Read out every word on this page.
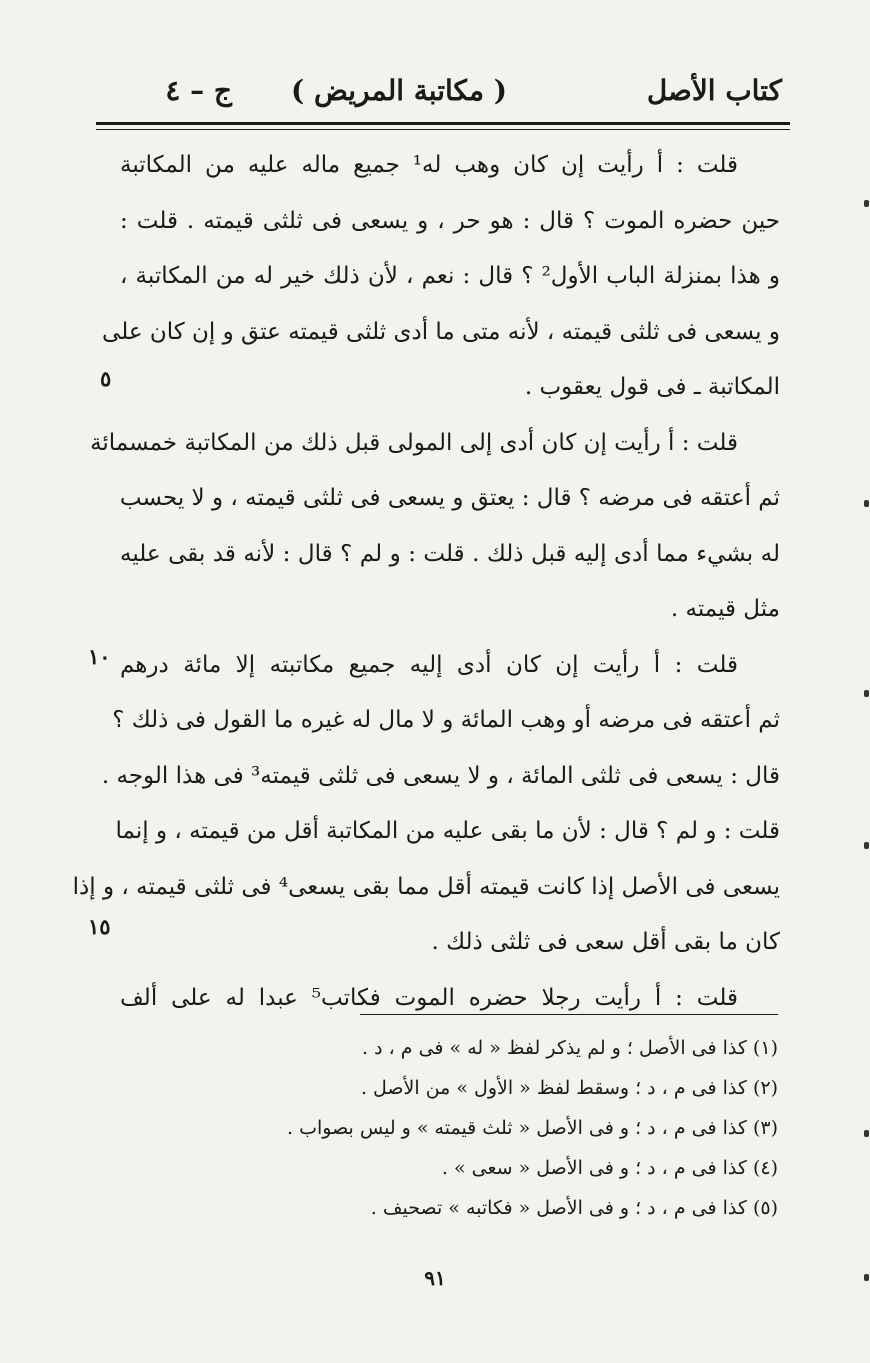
كتاب الأصل
( مكاتبة المريض )
ج – ٤
قلت : أ رأيت إن كان وهب له¹ جميع ماله عليه من المكاتبة
حين حضره الموت ؟ قال : هو حر ، و يسعى فى ثلثى قيمته . قلت :
و هذا بمنزلة الباب الأول² ؟ قال : نعم ، لأن ذلك خير له من المكاتبة ،
و يسعى فى ثلثى قيمته ، لأنه متى ما أدى ثلثى قيمته عتق و إن كان على
المكاتبة ـ فى قول يعقوب .
قلت : أ رأيت إن كان أدى إلى المولى قبل ذلك من المكاتبة خمسمائة
ثم أعتقه فى مرضه ؟ قال : يعتق و يسعى فى ثلثى قيمته ، و لا يحسب
له بشيء مما أدى إليه قبل ذلك . قلت : و لم ؟ قال : لأنه قد بقى عليه
مثل قيمته .
قلت : أ رأيت إن كان أدى إليه جميع مكاتبته إلا مائة درهم
ثم أعتقه فى مرضه أو وهب المائة و لا مال له غيره ما القول فى ذلك ؟
قال : يسعى فى ثلثى المائة ، و لا يسعى فى ثلثى قيمته³ فى هذا الوجه .
قلت : و لم ؟ قال : لأن ما بقى عليه من المكاتبة أقل من قيمته ، و إنما
يسعى فى الأصل إذا كانت قيمته أقل مما بقى يسعى⁴ فى ثلثى قيمته ، و إذا
كان ما بقى أقل سعى فى ثلثى ذلك .
قلت : أ رأيت رجلا حضره الموت فكاتب⁵ عبدا له على ألف
٥
١٠
١٥
(١) كذا فى الأصل ؛ و لم يذكر لفظ « له » فى م ، د .
(٢) كذا فى م ، د ؛ وسقط لفظ « الأول » من الأصل .
(٣) كذا فى م ، د ؛ و فى الأصل « ثلث قيمته » و ليس بصواب .
(٤) كذا فى م ، د ؛ و فى الأصل « سعى » .
(٥) كذا فى م ، د ؛ و فى الأصل « فكاتبه » تصحيف .
٩١
